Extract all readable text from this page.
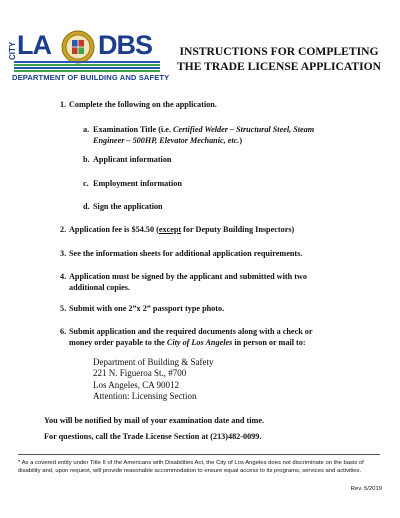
CITY LA DBS
DEPARTMENT OF BUILDING AND SAFETY
INSTRUCTIONS FOR COMPLETING
THE TRADE LICENSE APPLICATION
1. Complete the following on the application.
a. Examination Title (i.e. Certified Welder – Structural Steel, Steam
Engineer – 500HP, Elevator Mechanic, etc.)
b. Applicant information
c. Employment information
d. Sign the application
2. Application fee is $54.50 (except for Deputy Building Inspectors)
3. See the information sheets for additional application requirements.
4. Application must be signed by the applicant and submitted with two
additional copies.
5. Submit with one 2”x 2” passport type photo.
6. Submit application and the required documents along with a check or
money order payable to the City of Los Angeles in person or mail to:
Department of Building & Safety
221 N. Figueroa St., #700
Los Angeles, CA 90012
Attention: Licensing Section
You will be notified by mail of your examination date and time.
For questions, call the Trade License Section at (213)482-0099.
* As a covered entity under Title II of the Americans with Disabilities Act, the City of Los Angeles does not discriminate on the basis of disability and, upon request, will provide reasonable accommodation to ensure equal access to its programs, services and activities.
Rev. 5/2019
